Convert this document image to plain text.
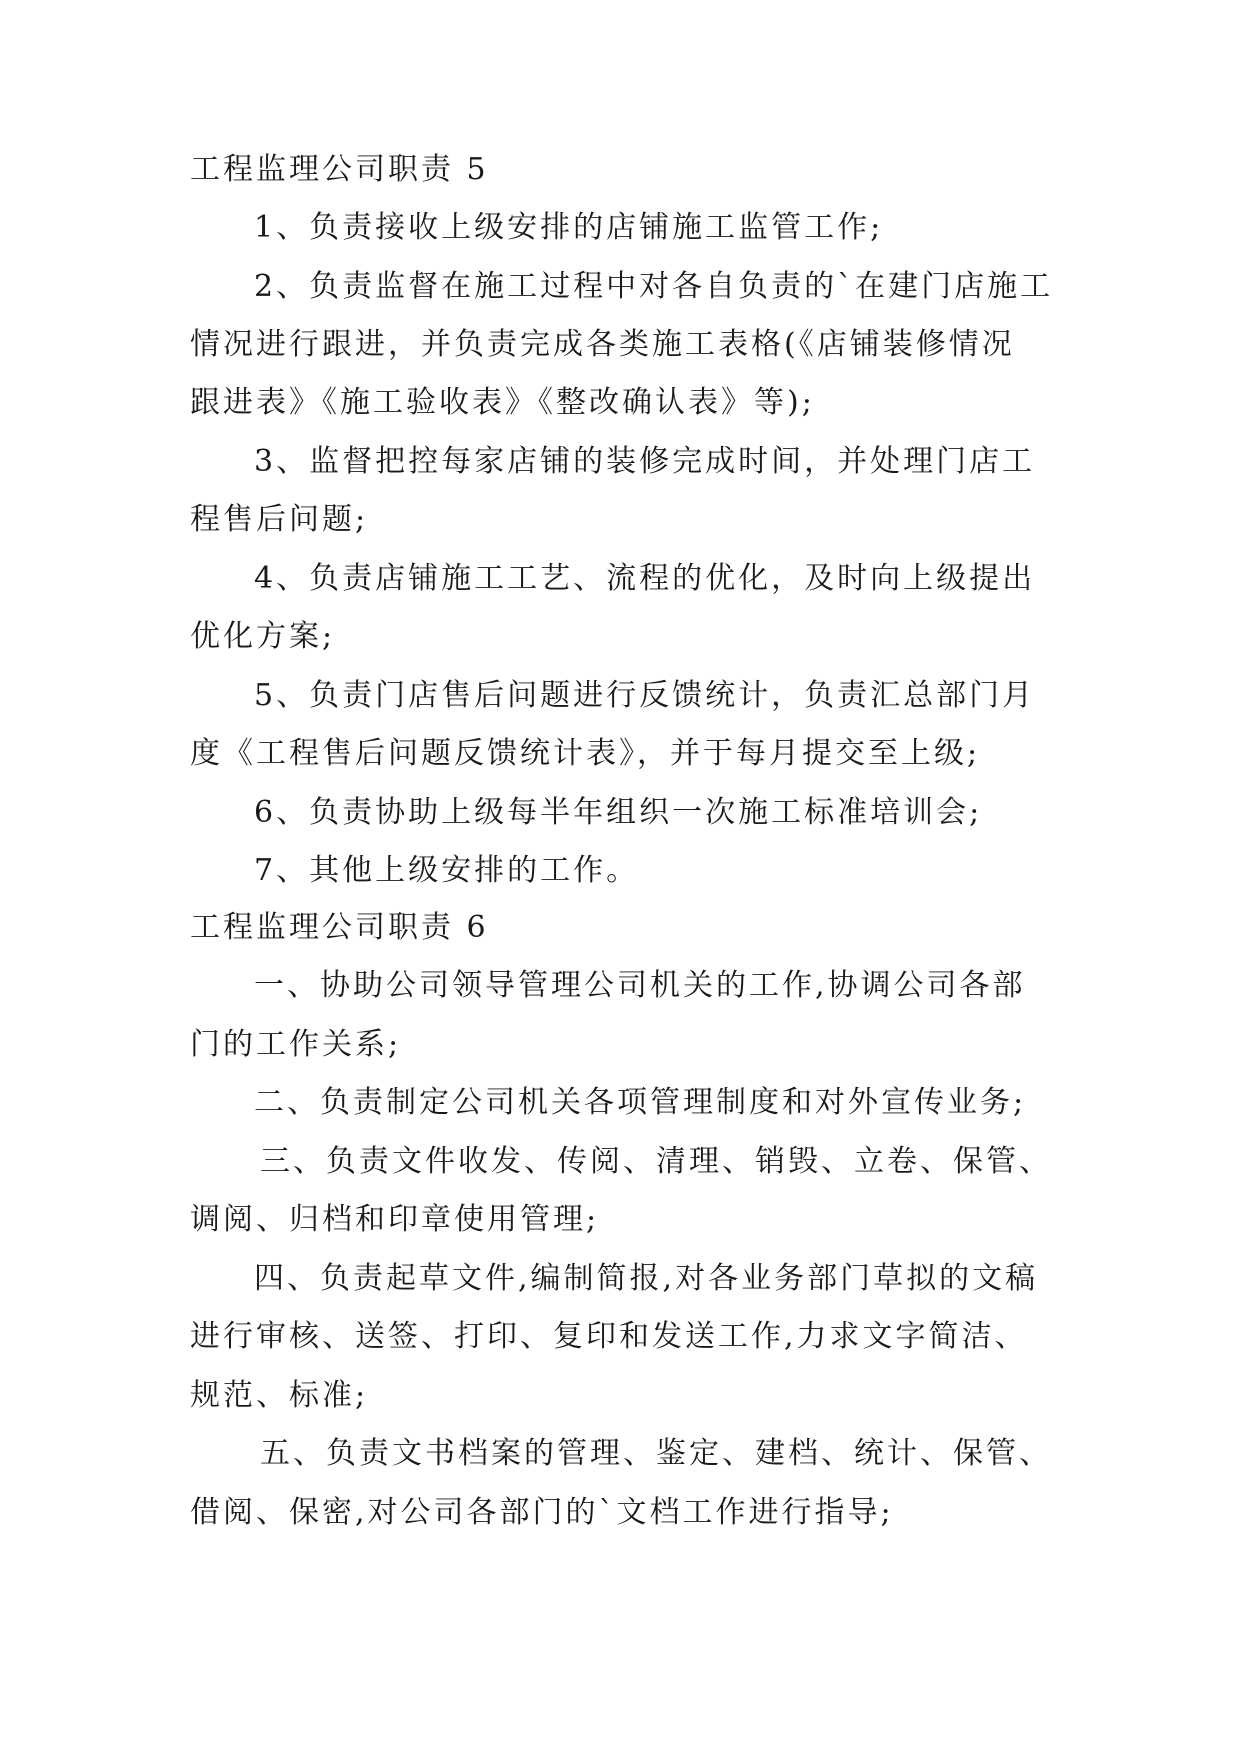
工程监理公司职责 5
1、负责接收上级安排的店铺施工监管工作;
2、负责监督在施工过程中对各自负责的`在建门店施工
情况进行跟进，并负责完成各类施工表格(《店铺装修情况
跟进表》《施工验收表》《整改确认表》等);
3、监督把控每家店铺的装修完成时间，并处理门店工
程售后问题;
4、负责店铺施工工艺、流程的优化，及时向上级提出
优化方案;
5、负责门店售后问题进行反馈统计，负责汇总部门月
度《工程售后问题反馈统计表》，并于每月提交至上级;
6、负责协助上级每半年组织一次施工标准培训会;
7、其他上级安排的工作。
工程监理公司职责 6
一、协助公司领导管理公司机关的工作,协调公司各部
门的工作关系;
二、负责制定公司机关各项管理制度和对外宣传业务;
三、负责文件收发、传阅、清理、销毁、立卷、保管、
调阅、归档和印章使用管理;
四、负责起草文件,编制简报,对各业务部门草拟的文稿
进行审核、送签、打印、复印和发送工作,力求文字简洁、
规范、标准;
五、负责文书档案的管理、鉴定、建档、统计、保管、
借阅、保密,对公司各部门的`文档工作进行指导;
